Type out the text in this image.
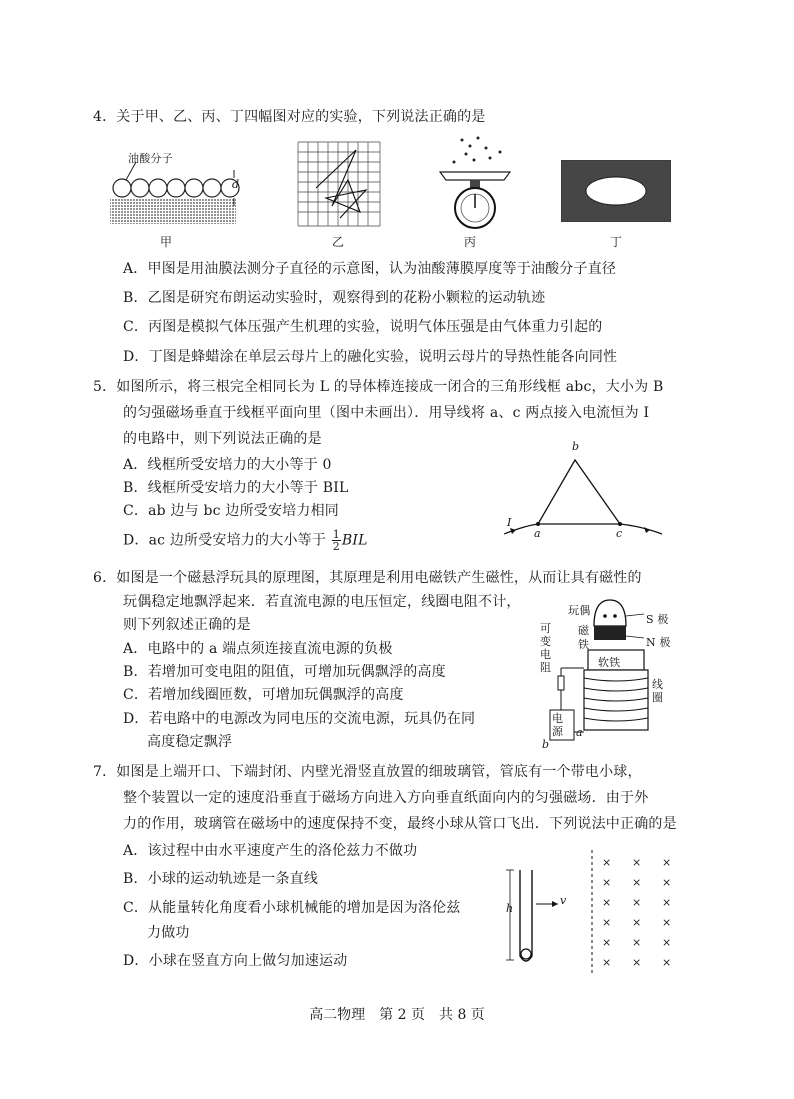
4．关于甲、乙、丙、丁四幅图对应的实验，下列说法正确的是
油酸分子
d
甲	乙	丙	丁
A．甲图是用油膜法测分子直径的示意图，认为油酸薄膜厚度等于油酸分子直径
B．乙图是研究布朗运动实验时，观察得到的花粉小颗粒的运动轨迹
C．丙图是模拟气体压强产生机理的实验，说明气体压强是由气体重力引起的
D．丁图是蜂蜡涂在单层云母片上的融化实验，说明云母片的导热性能各向同性
5．如图所示，将三根完全相同长为 L 的导体棒连接成一闭合的三角形线框 abc，大小为 B
的匀强磁场垂直于线框平面向里（图中未画出）．用导线将 a、c 两点接入电流恒为 I
的电路中，则下列说法正确的是
A．线框所受安培力的大小等于 0
B．线框所受安培力的大小等于 BIL
C．ab 边与 bc 边所受安培力相同
D．ac 边所受安培力的大小等于 $\frac{1}{2}$ BIL
b
a	c
I
6．如图是一个磁悬浮玩具的原理图，其原理是利用电磁铁产生磁性，从而让具有磁性的
玩偶稳定地飘浮起来．若直流电源的电压恒定，线圈电阻不计，
则下列叙述正确的是
A．电路中的 a 端点须连接直流电源的负极
B．若增加可变电阻的阻值，可增加玩偶飘浮的高度
C．若增加线圈匝数，可增加玩偶飘浮的高度
D．若电路中的电源改为同电压的交流电源，玩具仍在同
高度稳定飘浮
玩偶
S 极
N 极
磁
铁
可变电阻	软铁
线圈
电源 a
b
7．如图是上端开口、下端封闭、内壁光滑竖直放置的细玻璃管，管底有一个带电小球，
整个装置以一定的速度沿垂直于磁场方向进入方向垂直纸面向内的匀强磁场．由于外
力的作用，玻璃管在磁场中的速度保持不变，最终小球从管口飞出．下列说法中正确的是
A．该过程中由水平速度产生的洛伦兹力不做功
B．小球的运动轨迹是一条直线
C．从能量转化角度看小球机械能的增加是因为洛伦兹
力做功
D．小球在竖直方向上做匀加速运动
h
v
× × ×
× × ×
× × ×
× × ×
× × ×
× × ×
高二物理　第 2 页　共 8 页
